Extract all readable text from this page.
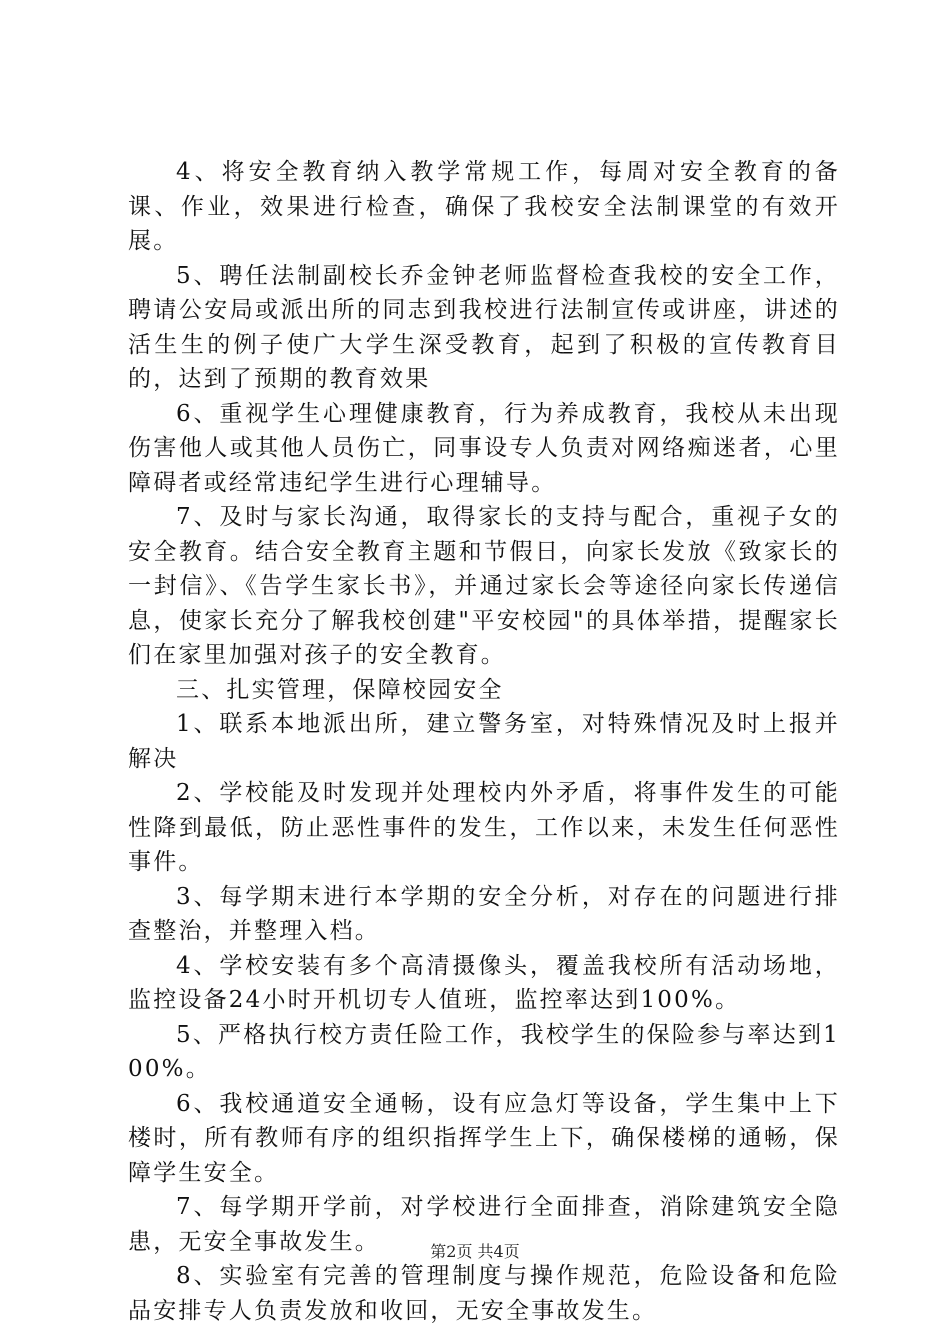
4、将安全教育纳入教学常规工作，每周对安全教育的备课、作业，效果进行检查，确保了我校安全法制课堂的有效开展。

5、聘任法制副校长乔金钟老师监督检查我校的安全工作，聘请公安局或派出所的同志到我校进行法制宣传或讲座，讲述的活生生的例子使广大学生深受教育，起到了积极的宣传教育目的，达到了预期的教育效果

6、重视学生心理健康教育，行为养成教育，我校从未出现伤害他人或其他人员伤亡，同事设专人负责对网络痴迷者，心里障碍者或经常违纪学生进行心理辅导。

7、及时与家长沟通，取得家长的支持与配合，重视子女的安全教育。结合安全教育主题和节假日，向家长发放《致家长的一封信》、《告学生家长书》，并通过家长会等途径向家长传递信息，使家长充分了解我校创建"平安校园"的具体举措，提醒家长们在家里加强对孩子的安全教育。

三、扎实管理，保障校园安全

1、联系本地派出所，建立警务室，对特殊情况及时上报并解决

2、学校能及时发现并处理校内外矛盾，将事件发生的可能性降到最低，防止恶性事件的发生，工作以来，未发生任何恶性事件。

3、每学期末进行本学期的安全分析，对存在的问题进行排查整治，并整理入档。

4、学校安装有多个高清摄像头，覆盖我校所有活动场地，监控设备24小时开机切专人值班，监控率达到100%。

5、严格执行校方责任险工作，我校学生的保险参与率达到100%。

6、我校通道安全通畅，设有应急灯等设备，学生集中上下楼时，所有教师有序的组织指挥学生上下，确保楼梯的通畅，保障学生安全。

7、每学期开学前，对学校进行全面排查，消除建筑安全隐患，无安全事故发生。

8、实验室有完善的管理制度与操作规范，危险设备和危险品安排专人负责发放和收回，无安全事故发生。

第2页 共4页
